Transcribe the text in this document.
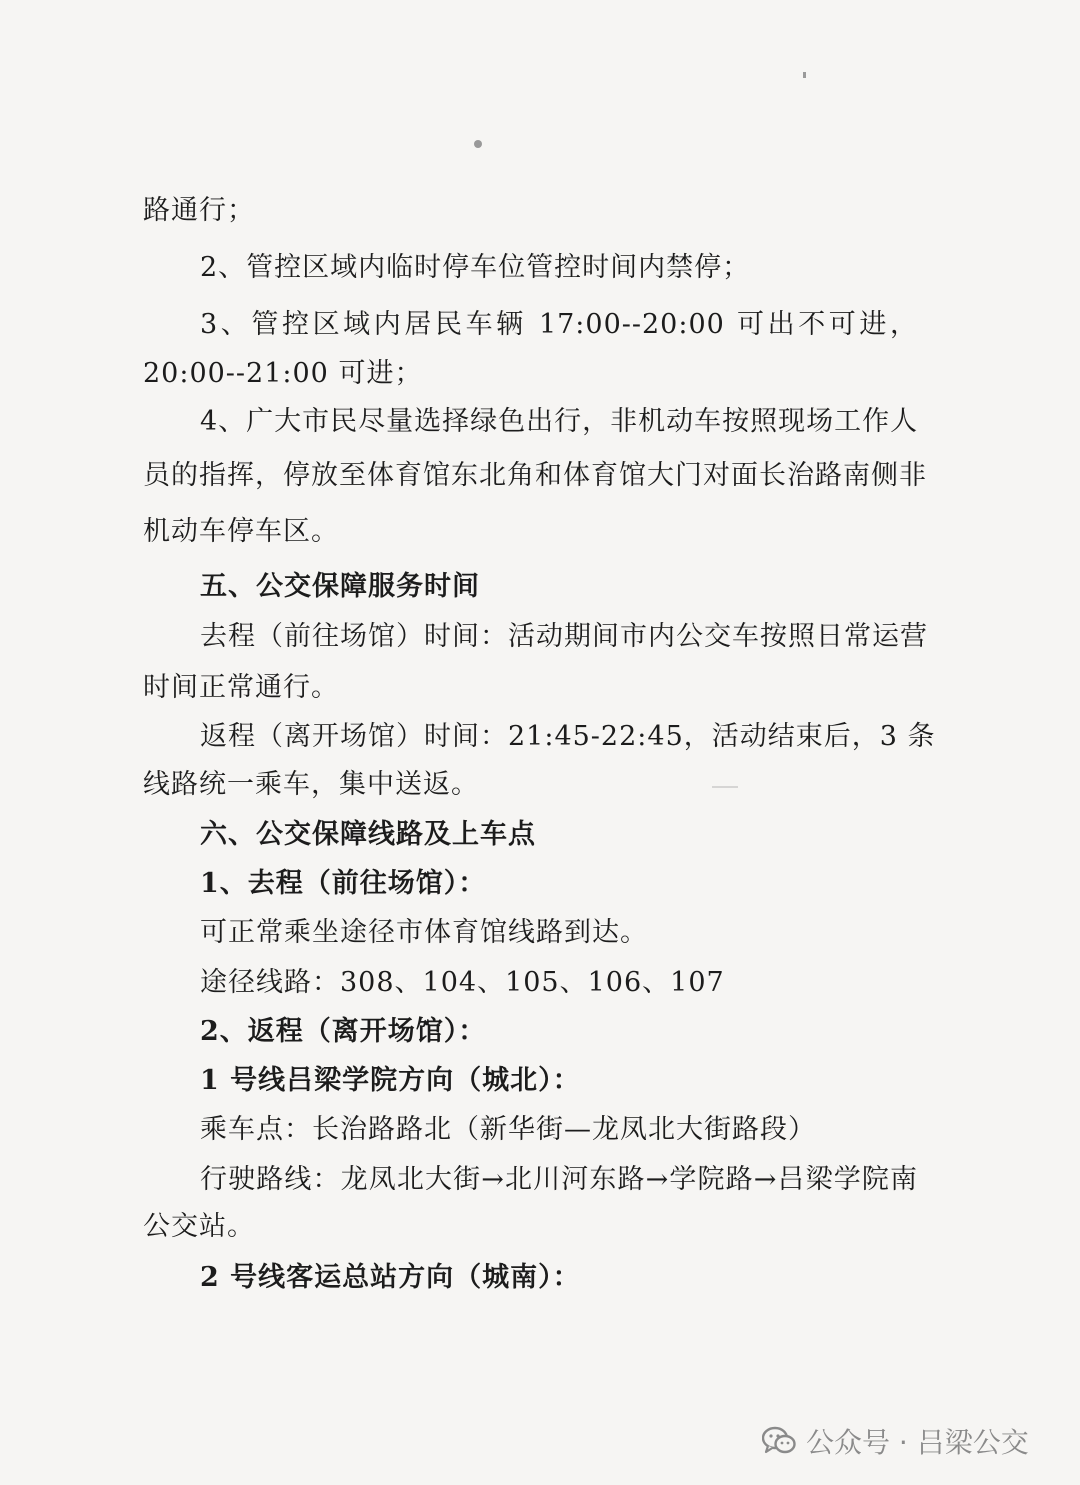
路通行；
2、管控区域内临时停车位管控时间内禁停；
3、管控区域内居民车辆 17:00--20:00 可出不可进，
20:00--21:00 可进；
4、广大市民尽量选择绿色出行，非机动车按照现场工作人
员的指挥，停放至体育馆东北角和体育馆大门对面长治路南侧非
机动车停车区。
五、公交保障服务时间
去程（前往场馆）时间：活动期间市内公交车按照日常运营
时间正常通行。
返程（离开场馆）时间：21:45-22:45，活动结束后，3 条
线路统一乘车，集中送返。
六、公交保障线路及上车点
1、去程（前往场馆）：
可正常乘坐途径市体育馆线路到达。
途径线路：308、104、105、106、107
2、返程（离开场馆）：
1 号线吕梁学院方向（城北）：
乘车点：长治路路北（新华街—龙凤北大街路段）
行驶路线：龙凤北大街→北川河东路→学院路→吕梁学院南
公交站。
2 号线客运总站方向（城南）：
公众号 · 吕梁公交
